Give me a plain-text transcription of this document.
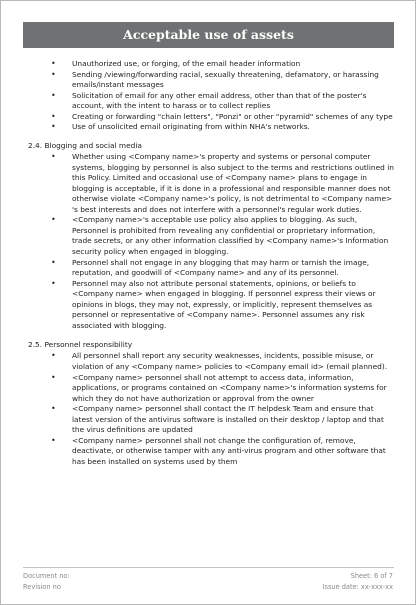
Acceptable use of assets
• Unauthorized use, or forging, of the email header information
• Sending /viewing/forwarding racial, sexually threatening, defamatory, or harassing emails/instant messages
• Solicitation of email for any other email address, other than that of the poster's account, with the intent to harass or to collect replies
• Creating or forwarding "chain letters", "Ponzi" or other "pyramid" schemes of any type
• Use of unsolicited email originating from within NHA's networks.
2.4. Blogging and social media
• Whether using <Company name>'s property and systems or personal computer systems, blogging by personnel is also subject to the terms and restrictions outlined in this Policy. Limited and occasional use of <Company name> plans to engage in blogging is acceptable, if it is done in a professional and responsible manner does not otherwise violate <Company name>'s policy, is not detrimental to <Company name> 's best interests and does not interfere with a personnel's regular work duties.
• <Company name>'s acceptable use policy also applies to blogging. As such, Personnel is prohibited from revealing any confidential or proprietary information, trade secrets, or any other information classified by <Company name>'s Information security policy when engaged in blogging.
• Personnel shall not engage in any blogging that may harm or tarnish the image, reputation, and goodwill of <Company name> and any of its personnel.
• Personnel may also not attribute personal statements, opinions, or beliefs to <Company name> when engaged in blogging. If personnel express their views or opinions in blogs, they may not, expressly, or implicitly, represent themselves as personnel or representative of <Company name>. Personnel assumes any risk associated with blogging.
2.5. Personnel responsibility
• All personnel shall report any security weaknesses, incidents, possible misuse, or violation of any <Company name> policies to <Company email id> (email planned).
• <Company name> personnel shall not attempt to access data, information, applications, or programs contained on <Company name>'s information systems for which they do not have authorization or approval from the owner
• <Company name> personnel shall contact the IT helpdesk Team and ensure that latest version of the antivirus software is installed on their desktop / laptop and that the virus definitions are updated
• <Company name> personnel shall not change the configuration of, remove, deactivate, or otherwise tamper with any anti-virus program and other software that has been installed on systems used by them
Document no:
Revision no
Sheet: 6 of 7
Issue date: xx-xxx-xx
